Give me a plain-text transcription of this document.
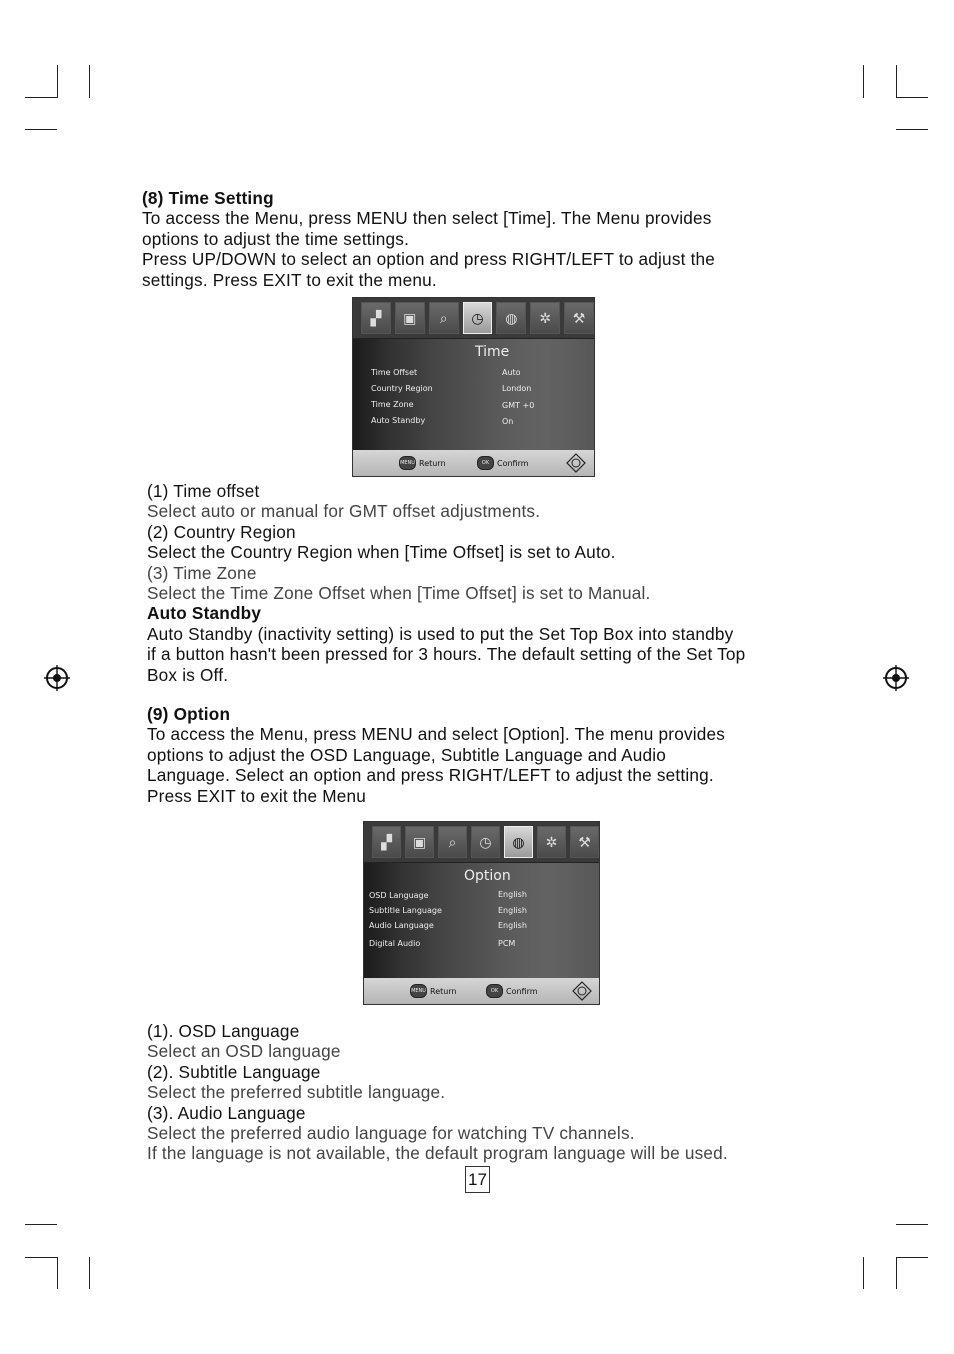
(8) Time Setting
To access the Menu, press MENU then select [Time]. The Menu provides
options to adjust the time settings.
Press UP/DOWN to select an option and press RIGHT/LEFT to adjust the
settings. Press EXIT to exit the menu.
▞	▣	⌕	◷	◍	✲	⚒
Time
Time Offset	Auto
Country Region	London
Time Zone	GMT +0
Auto Standby	On
MENU Return	OK Confirm
(1) Time offset
Select auto or manual for GMT offset adjustments.
(2) Country Region
Select the Country Region when [Time Offset] is set to Auto.
(3) Time Zone
Select the Time Zone Offset when [Time Offset] is set to Manual.
Auto Standby
Auto Standby (inactivity setting) is used to put the Set Top Box into standby
if a button hasn't been pressed for 3 hours. The default setting of the Set Top
Box is Off.
(9) Option
To access the Menu, press MENU and select [Option]. The menu provides
options to adjust the OSD Language, Subtitle Language and Audio
Language. Select an option and press RIGHT/LEFT to adjust the setting.
Press EXIT to exit the Menu
▞	▣	⌕	◷	◍	✲	⚒
Option
OSD Language	English
Subtitle Language	English
Audio Language	English
Digital Audio	PCM
MENU Return	OK Confirm
(1). OSD Language
Select an OSD language
(2). Subtitle Language
Select the preferred subtitle language.
(3). Audio Language
Select the preferred audio language for watching TV channels.
If the language is not available, the default program language will be used.
17
